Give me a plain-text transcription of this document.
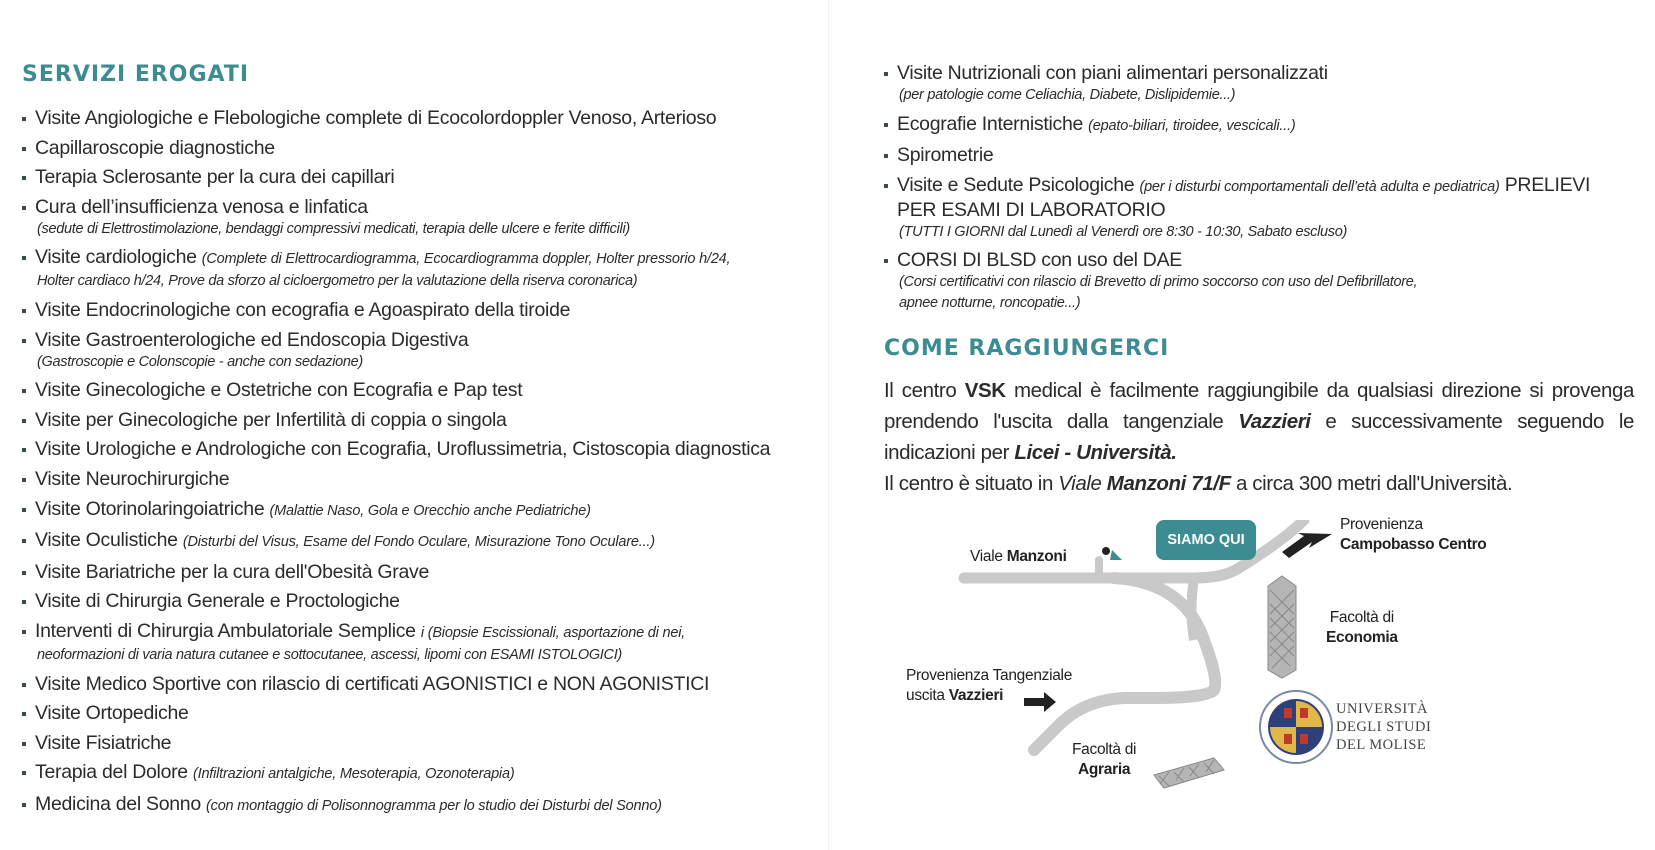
SERVIZI EROGATI
Visite Angiologiche e Flebologiche complete di Ecocolordoppler Venoso, Arterioso
Capillaroscopie diagnostiche
Terapia Sclerosante per la cura dei capillari
Cura dell’insufficienza venosa e linfatica
(sedute di Elettrostimolazione, bendaggi compressivi medicati, terapia delle ulcere e ferite difficili)
Visite cardiologiche (Complete di Elettrocardiogramma, Ecocardiogramma doppler, Holter pressorio h/24,
Holter cardiaco h/24, Prove da sforzo al cicloergometro per la valutazione della riserva coronarica)
Visite Endocrinologiche con ecografia e Agoaspirato della tiroide
Visite Gastroenterologiche ed Endoscopia Digestiva
(Gastroscopie e Colonscopie - anche con sedazione)
Visite Ginecologiche e Ostetriche con Ecografia e Pap test
Visite per Ginecologiche per Infertilità di coppia o singola
Visite Urologiche e Andrologiche con Ecografia, Uroflussimetria, Cistoscopia diagnostica
Visite Neurochirurgiche
Visite Otorinolaringoiatriche (Malattie Naso, Gola e Orecchio anche Pediatriche)
Visite Oculistiche (Disturbi del Visus, Esame del Fondo Oculare, Misurazione Tono Oculare...)
Visite Bariatriche per la cura dell'Obesità Grave
Visite di Chirurgia Generale e Proctologiche
Interventi di Chirurgia Ambulatoriale Semplice i (Biopsie Escissionali, asportazione di nei,
neoformazioni di varia natura cutanee e sottocutanee, ascessi, lipomi con ESAMI ISTOLOGICI)
Visite Medico Sportive con rilascio di certificati AGONISTICI e NON AGONISTICI
Visite Ortopediche
Visite Fisiatriche
Terapia del Dolore (Infiltrazioni antalgiche, Mesoterapia, Ozonoterapia)
Medicina del Sonno (con montaggio di Polisonnogramma per lo studio dei Disturbi del Sonno)
Visite Nutrizionali con piani alimentari personalizzati
(per patologie come Celiachia, Diabete, Dislipidemie...)
Ecografie Internistiche (epato-biliari, tiroidee, vescicali...)
Spirometrie
Visite e Sedute Psicologiche (per i disturbi comportamentali dell’età adulta e pediatrica) PRELIEVI PER ESAMI DI LABORATORIO
(TUTTI I GIORNI dal Lunedì al Venerdì ore 8:30 - 10:30, Sabato escluso)
CORSI DI BLSD con uso del DAE
(Corsi certificativi con rilascio di Brevetto di primo soccorso con uso del Defibrillatore,
apnee notturne, roncopatie...)
COME RAGGIUNGERCI

Il centro VSK medical è facilmente raggiungibile da qualsiasi direzione si provenga prendendo l'uscita dalla tangenziale Vazzieri e successivamente seguendo le indicazioni per Licei - Università.

Il centro è situato in Viale Manzoni 71/F a circa 300 metri dall'Università.

SIAMO QUI
Viale Manzoni
Provenienza
Campobasso Centro
Facoltà di
Economia
Provenienza Tangenziale
uscita Vazzieri
Facoltà di
Agraria
UNIVERSITÀ
DEGLI STUDI
DEL MOLISE
